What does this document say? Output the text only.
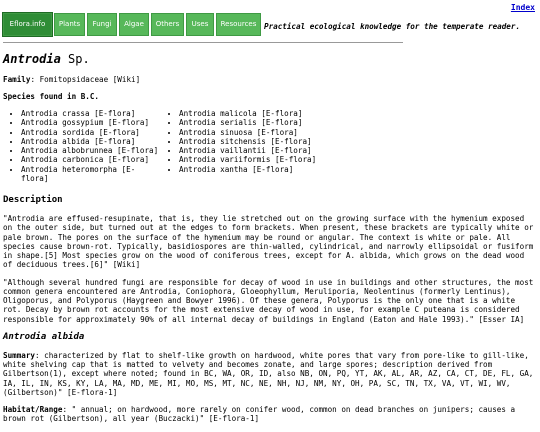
Index
Eflora.info	Plants	Fungi	Algae	Others	Uses	Resources	Practical ecological knowledge for the temperate reader.
Antrodia Sp.

Family: Fomitopsidaceae [Wiki]

Species found in B.C.
• Antrodia crassa [E-flora]
• Antrodia gossypium [E-flora]
• Antrodia sordida [E-flora]
• Antrodia albida [E-flora]
• Antrodia albobrunnea [E-flora]
• Antrodia carbonica [E-flora]
• Antrodia heteromorpha [E-flora]
• Antrodia malicola [E-flora]
• Antrodia serialis [E-flora]
• Antrodia sinuosa [E-flora]
• Antrodia sitchensis [E-flora]
• Antrodia vaillantii [E-flora]
• Antrodia variiformis [E-flora]
• Antrodia xantha [E-flora]
Description

"Antrodia are effused-resupinate, that is, they lie stretched out on the growing surface with the hymenium exposed on the outer side, but turned out at the edges to form brackets. When present, these brackets are typically white or pale brown. The pores on the surface of the hymenium may be round or angular. The context is white or pale. All species cause brown-rot. Typically, basidiospores are thin-walled, cylindrical, and narrowly ellipsoidal or fusiform in shape.[5] Most species grow on the wood of coniferous trees, except for A. albida, which grows on the dead wood of deciduous trees.[6]" [Wiki]

"Although several hundred fungi are responsible for decay of wood in use in buildings and other structures, the most common genera encountered are Antrodia, Coniophora, Gloeophyllum, Meruliporia, Neolentinus (formerly Lentinus), Oligoporus, and Polyporus (Haygreen and Bowyer 1996). Of these genera, Polyporus is the only one that is a white rot. Decay by brown rot accounts for the most extensive decay of wood in use, for example C puteana is considered responsible for approximately 90% of all internal decay of buildings in England (Eaton and Hale 1993)." [Esser IA]

Antrodia albida

Summary: characterized by flat to shelf-like growth on hardwood, white pores that vary from pore-like to gill-like, white shelving cap that is matted to velvety and becomes zonate, and large spores; description derived from Gilbertson(1), except where noted; found in BC, WA, OR, ID, also NB, ON, PQ, YT, AK, AL, AR, AZ, CA, CT, DE, FL, GA, IA, IL, IN, KS, KY, LA, MA, MD, ME, MI, MO, MS, MT, NC, NE, NH, NJ, NM, NY, OH, PA, SC, TN, TX, VA, VT, WI, WV, (Gilbertson)" [E-flora-1]

Habitat/Range: " annual; on hardwood, more rarely on conifer wood, common on dead branches on junipers; causes a brown rot (Gilbertson), all year (Buczacki)" [E-flora-1]
